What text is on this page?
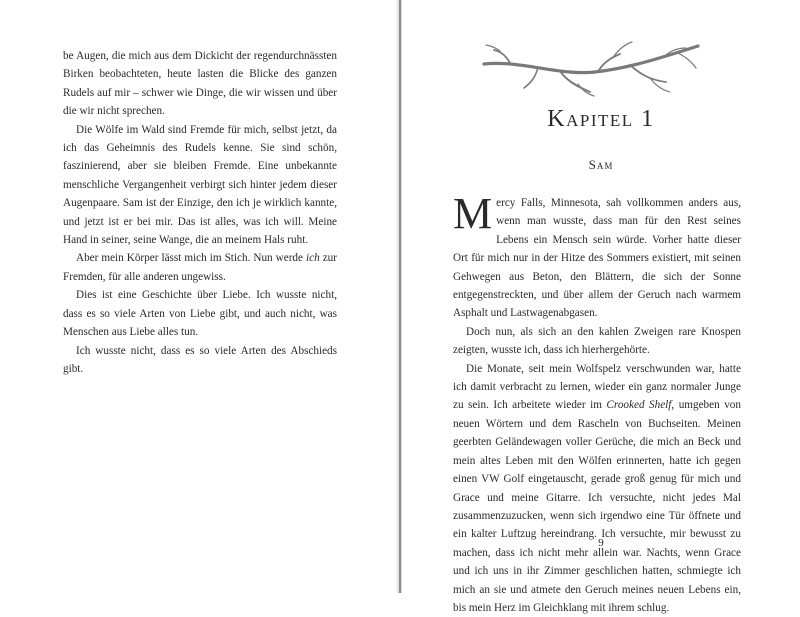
be Augen, die mich aus dem Dickicht der regendurchnässten Birken beobachteten, heute lasten die Blicke des ganzen Rudels auf mir – schwer wie Dinge, die wir wissen und über die wir nicht sprechen.

Die Wölfe im Wald sind Fremde für mich, selbst jetzt, da ich das Geheimnis des Rudels kenne. Sie sind schön, faszinierend, aber sie bleiben Fremde. Eine unbekannte menschliche Vergangenheit verbirgt sich hinter jedem dieser Augenpaare. Sam ist der Einzige, den ich je wirklich kannte, und jetzt ist er bei mir. Das ist alles, was ich will. Meine Hand in seiner, seine Wange, die an meinem Hals ruht.

Aber mein Körper lässt mich im Stich. Nun werde ich zur Fremden, für alle anderen ungewiss.

Dies ist eine Geschichte über Liebe. Ich wusste nicht, dass es so viele Arten von Liebe gibt, und auch nicht, was Menschen aus Liebe alles tun.

Ich wusste nicht, dass es so viele Arten des Abschieds gibt.

Kapitel 1
Sam

Mercy Falls, Minnesota, sah vollkommen anders aus, wenn man wusste, dass man für den Rest seines Lebens ein Mensch sein würde. Vorher hatte dieser Ort für mich nur in der Hitze des Sommers existiert, mit seinen Gehwegen aus Beton, den Blättern, die sich der Sonne entgegenstreckten, und über allem der Geruch nach warmem Asphalt und Lastwagenabgasen.

Doch nun, als sich an den kahlen Zweigen rare Knospen zeigten, wusste ich, dass ich hierhergehörte.

Die Monate, seit mein Wolfspelz verschwunden war, hatte ich damit verbracht zu lernen, wieder ein ganz normaler Junge zu sein. Ich arbeitete wieder im Crooked Shelf, umgeben von neuen Wörtern und dem Rascheln von Buchseiten. Meinen geerbten Geländewagen voller Gerüche, die mich an Beck und mein altes Leben mit den Wölfen erinnerten, hatte ich gegen einen VW Golf eingetauscht, gerade groß genug für mich und Grace und meine Gitarre. Ich versuchte, nicht jedes Mal zusammenzuzucken, wenn sich irgendwo eine Tür öffnete und ein kalter Luftzug hereindrang. Ich versuchte, mir bewusst zu machen, dass ich nicht mehr allein war. Nachts, wenn Grace und ich uns in ihr Zimmer geschlichen hatten, schmiegte ich mich an sie und atmete den Geruch meines neuen Lebens ein, bis mein Herz im Gleichklang mit ihrem schlug.

9
